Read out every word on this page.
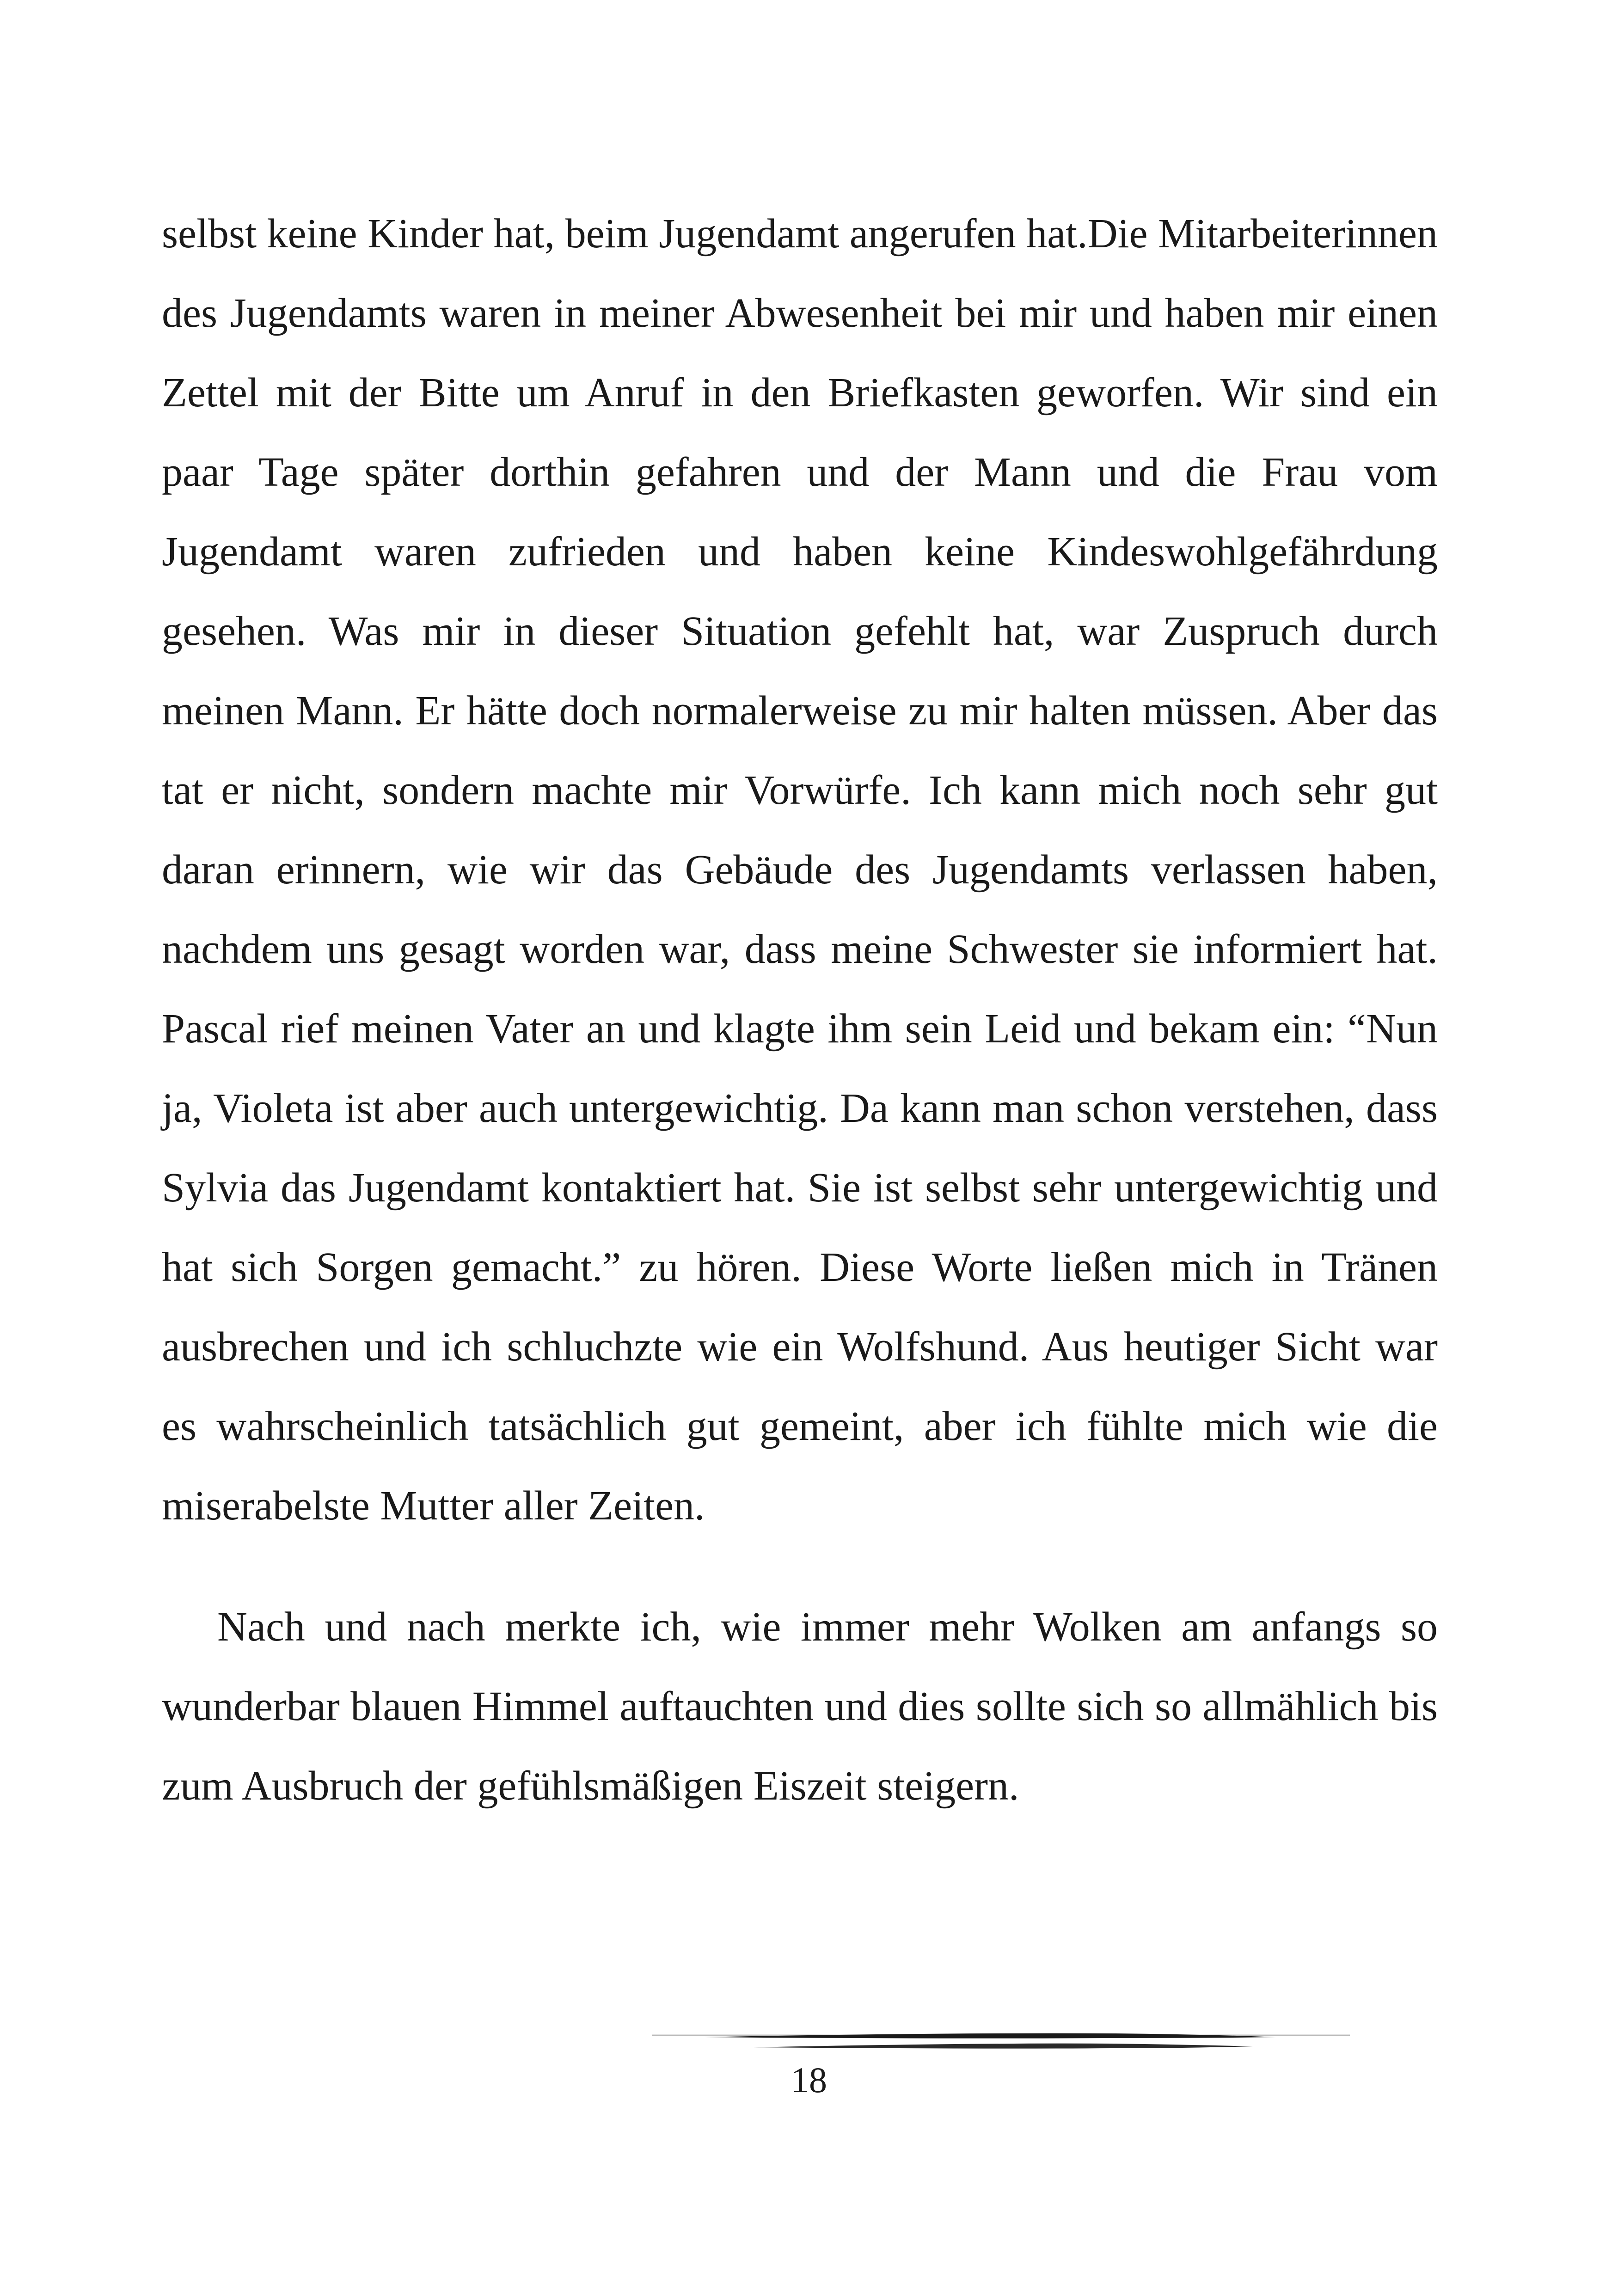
selbst keine Kinder hat, beim Jugendamt angerufen hat.Die Mitarbeiterinnen des Jugendamts waren in meiner Abwesenheit bei mir und haben mir einen Zettel mit der Bitte um Anruf in den Briefkasten geworfen. Wir sind ein paar Tage später dorthin gefahren und der Mann und die Frau vom Jugendamt waren zufrieden und haben keine Kindeswohlgefährdung gesehen. Was mir in dieser Situation gefehlt hat, war Zuspruch durch meinen Mann. Er hätte doch normalerweise zu mir halten müssen. Aber das tat er nicht, sondern machte mir Vorwürfe. Ich kann mich noch sehr gut daran erinnern, wie wir das Gebäude des Jugendamts verlassen haben, nachdem uns gesagt worden war, dass meine Schwester sie informiert hat. Pascal rief meinen Vater an und klagte ihm sein Leid und bekam ein: “Nun ja, Violeta ist aber auch untergewichtig. Da kann man schon verstehen, dass Sylvia das Jugendamt kontaktiert hat. Sie ist selbst sehr untergewichtig und hat sich Sorgen gemacht.” zu hören. Diese Worte ließen mich in Tränen ausbrechen und ich schluchzte wie ein Wolfshund. Aus heutiger Sicht war es wahrscheinlich tatsächlich gut gemeint, aber ich fühlte mich wie die miserabelste Mutter aller Zeiten.

Nach und nach merkte ich, wie immer mehr Wolken am anfangs so wunderbar blauen Himmel auftauchten und dies sollte sich so allmählich bis zum Ausbruch der gefühlsmäßigen Eiszeit steigern.

18
